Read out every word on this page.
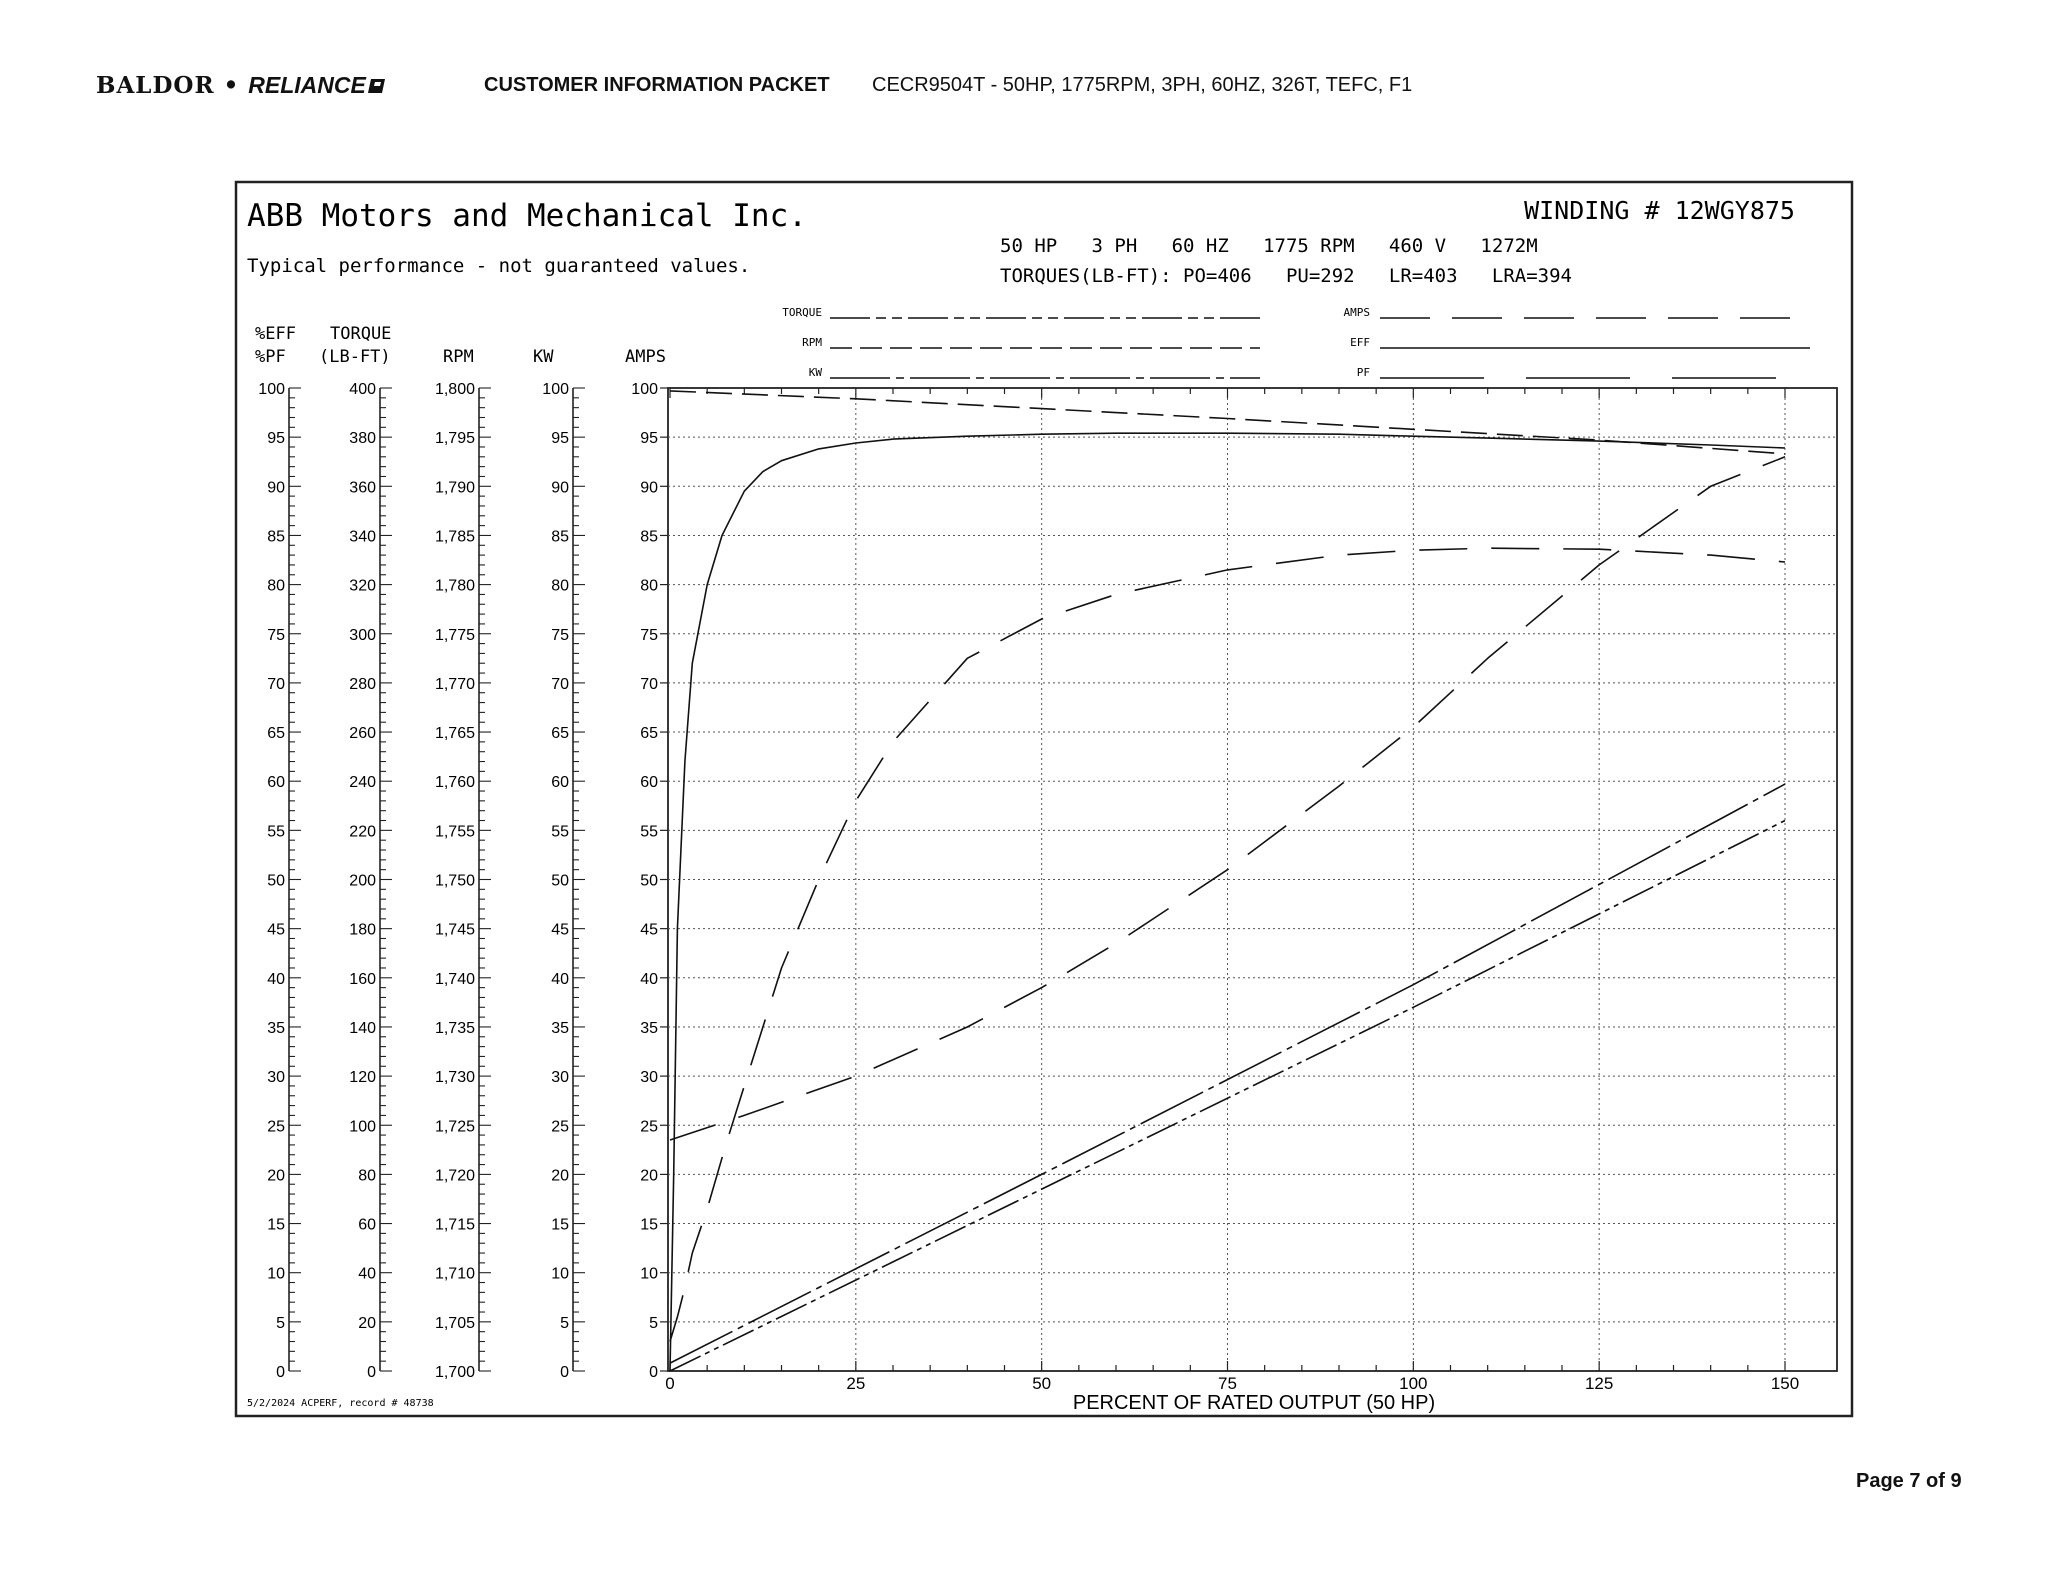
BALDOR • RELIANCE	CUSTOMER INFORMATION PACKET CECR9504T - 50HP, 1775RPM, 3PH, 60HZ, 326T, TEFC, F1
Page 7 of 9
ABB Motors and Mechanical Inc.
Typical performance - not guaranteed values.
WINDING # 12WGY875
50 HP   3 PH   60 HZ   1775 RPM   460 V   1272M
TORQUES(LB-FT): PO=406   PU=292   LR=403   LRA=394
5/2/2024 ACPERF, record # 48738
TORQUE
RPM
KW
AMPS
EFF
PF
%EFF
%PF
TORQUE
(LB-FT)	RPM	KW	AMPS
100
95
90
85
80
75
70
65
60
55
50
45
40
35
30
25
20
15
10
5
0
400
380
360
340
320
300
280
260
240
220
200
180
160
140
120
100
80
60
40
20
0
1,800
1,795
1,790
1,785
1,780
1,775
1,770
1,765
1,760
1,755
1,750
1,745
1,740
1,735
1,730
1,725
1,720
1,715
1,710
1,705
1,700
100
95
90
85
80
75
70
65
60
55
50
45
40
35
30
25
20
15
10
5
0
100
95
90
85
80
75
70
65
60
55
50
45
40
35
30
25
20
15
10
5
0
0	25	50	75	100	125	150
PERCENT OF RATED OUTPUT (50 HP)
